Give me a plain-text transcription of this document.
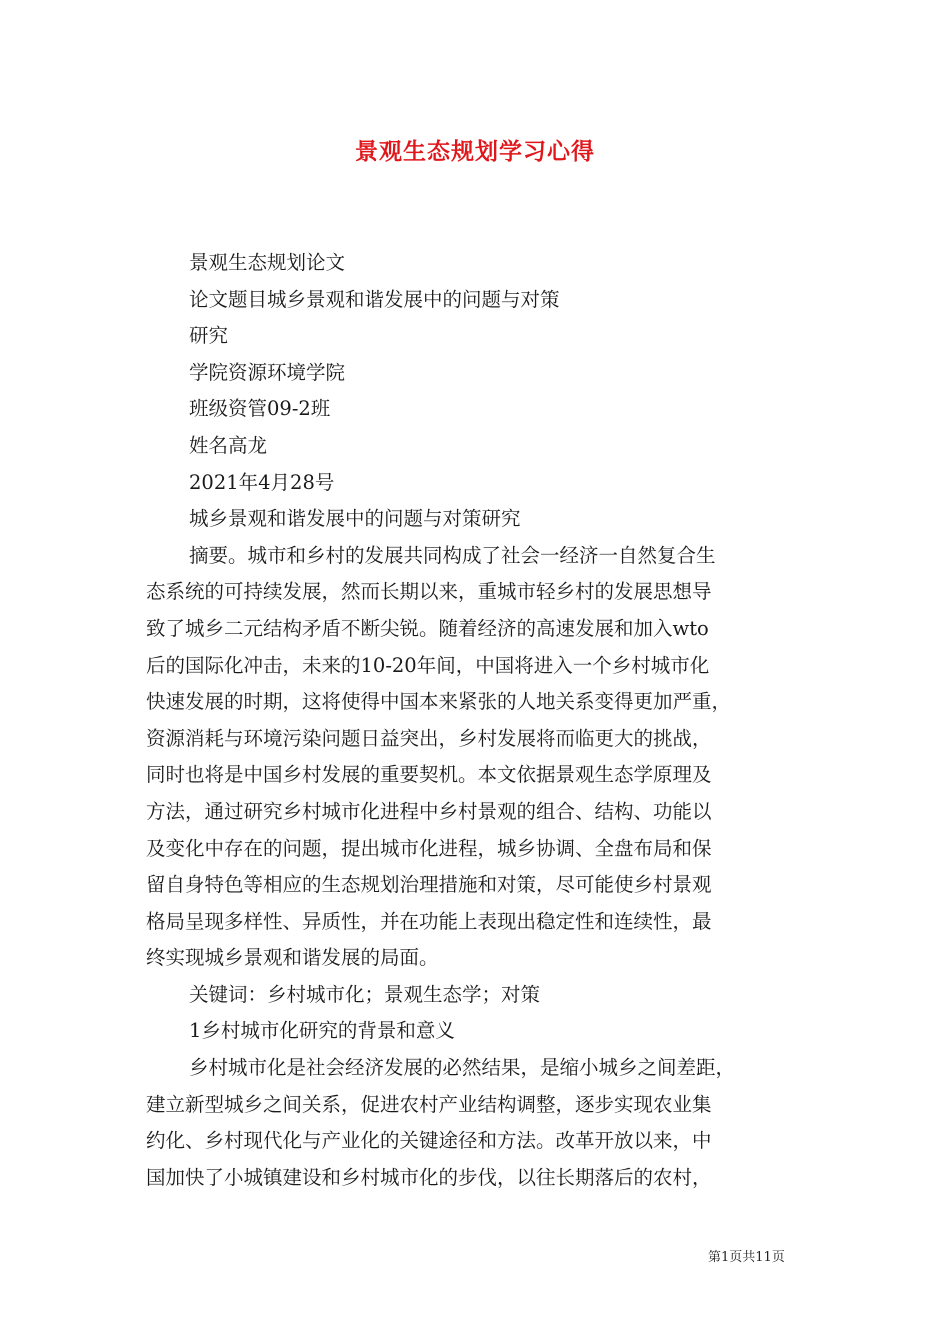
景观生态规划学习心得
景观生态规划论文
论文题目城乡景观和谐发展中的问题与对策
研究
学院资源环境学院
班级资管09-2班
姓名高龙
2021年4月28号
城乡景观和谐发展中的问题与对策研究
摘要。城市和乡村的发展共同构成了社会一经济一自然复合生
态系统的可持续发展，然而长期以来，重城市轻乡村的发展思想导
致了城乡二元结构矛盾不断尖锐。随着经济的高速发展和加入wto
后的国际化冲击，未来的10-20年间，中国将进入一个乡村城市化
快速发展的时期，这将使得中国本来紧张的人地关系变得更加严重，
资源消耗与环境污染问题日益突出，乡村发展将而临更大的挑战，
同时也将是中国乡村发展的重要契机。本文依据景观生态学原理及
方法，通过研究乡村城市化进程中乡村景观的组合、结构、功能以
及变化中存在的问题，提出城市化进程，城乡协调、全盘布局和保
留自身特色等相应的生态规划治理措施和对策，尽可能使乡村景观
格局呈现多样性、异质性，并在功能上表现出稳定性和连续性，最
终实现城乡景观和谐发展的局面。
关键词：乡村城市化；景观生态学；对策
1乡村城市化研究的背景和意义
乡村城市化是社会经济发展的必然结果，是缩小城乡之间差距，
建立新型城乡之间关系，促进农村产业结构调整，逐步实现农业集
约化、乡村现代化与产业化的关键途径和方法。改革开放以来，中
国加快了小城镇建设和乡村城市化的步伐，以往长期落后的农村，
第1页共11页
